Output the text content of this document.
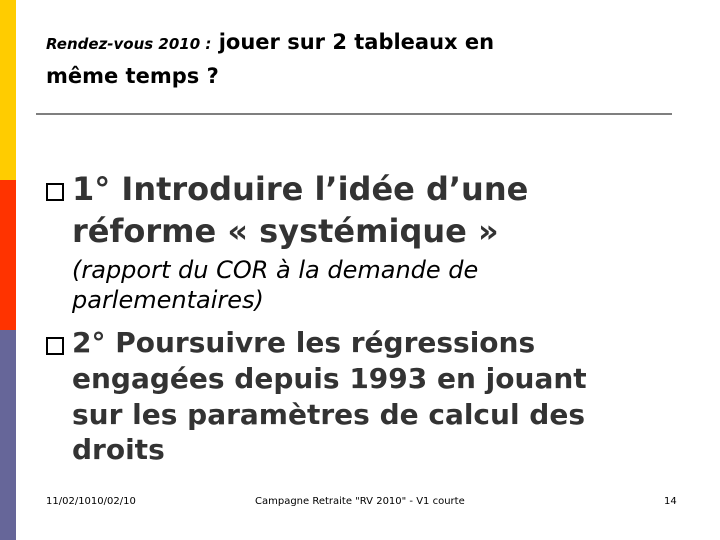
Rendez-vous 2010 : jouer sur 2 tableaux en
même temps ?
1° Introduire l’idée d’une
réforme « systémique »
(rapport du COR à la demande de
parlementaires)
2° Poursuivre les régressions
engagées depuis 1993 en jouant
sur les paramètres de calcul des
droits
11/02/1010/02/10	Campagne Retraite "RV 2010" - V1 courte	14
